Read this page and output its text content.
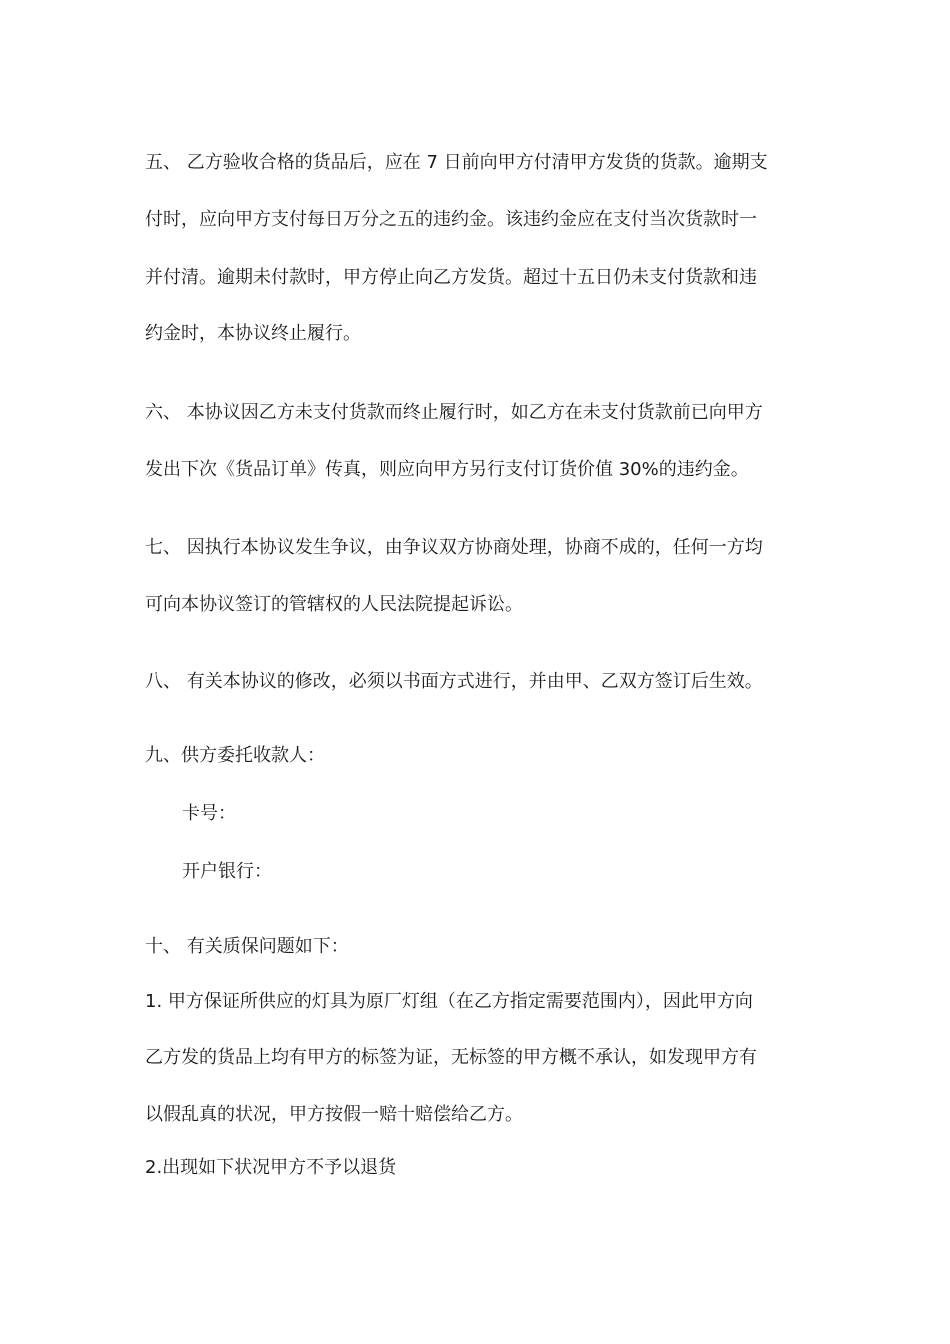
五、 乙方验收合格的货品后，应在 7 日前向甲方付清甲方发货的货款。逾期支
付时，应向甲方支付每日万分之五的违约金。该违约金应在支付当次货款时一
并付清。逾期未付款时，甲方停止向乙方发货。超过十五日仍未支付货款和违
约金时，本协议终止履行。
六、 本协议因乙方未支付货款而终止履行时，如乙方在未支付货款前已向甲方
发出下次《货品订单》传真，则应向甲方另行支付订货价值 30%的违约金。
七、 因执行本协议发生争议，由争议双方协商处理，协商不成的，任何一方均
可向本协议签订的管辖权的人民法院提起诉讼。
八、 有关本协议的修改，必须以书面方式进行，并由甲、乙双方签订后生效。
九、供方委托收款人：
卡号：
开户银行：
十、 有关质保问题如下：
1. 甲方保证所供应的灯具为原厂灯组（在乙方指定需要范围内），因此甲方向
乙方发的货品上均有甲方的标签为证，无标签的甲方概不承认，如发现甲方有
以假乱真的状况，甲方按假一赔十赔偿给乙方。
2.出现如下状况甲方不予以退货
